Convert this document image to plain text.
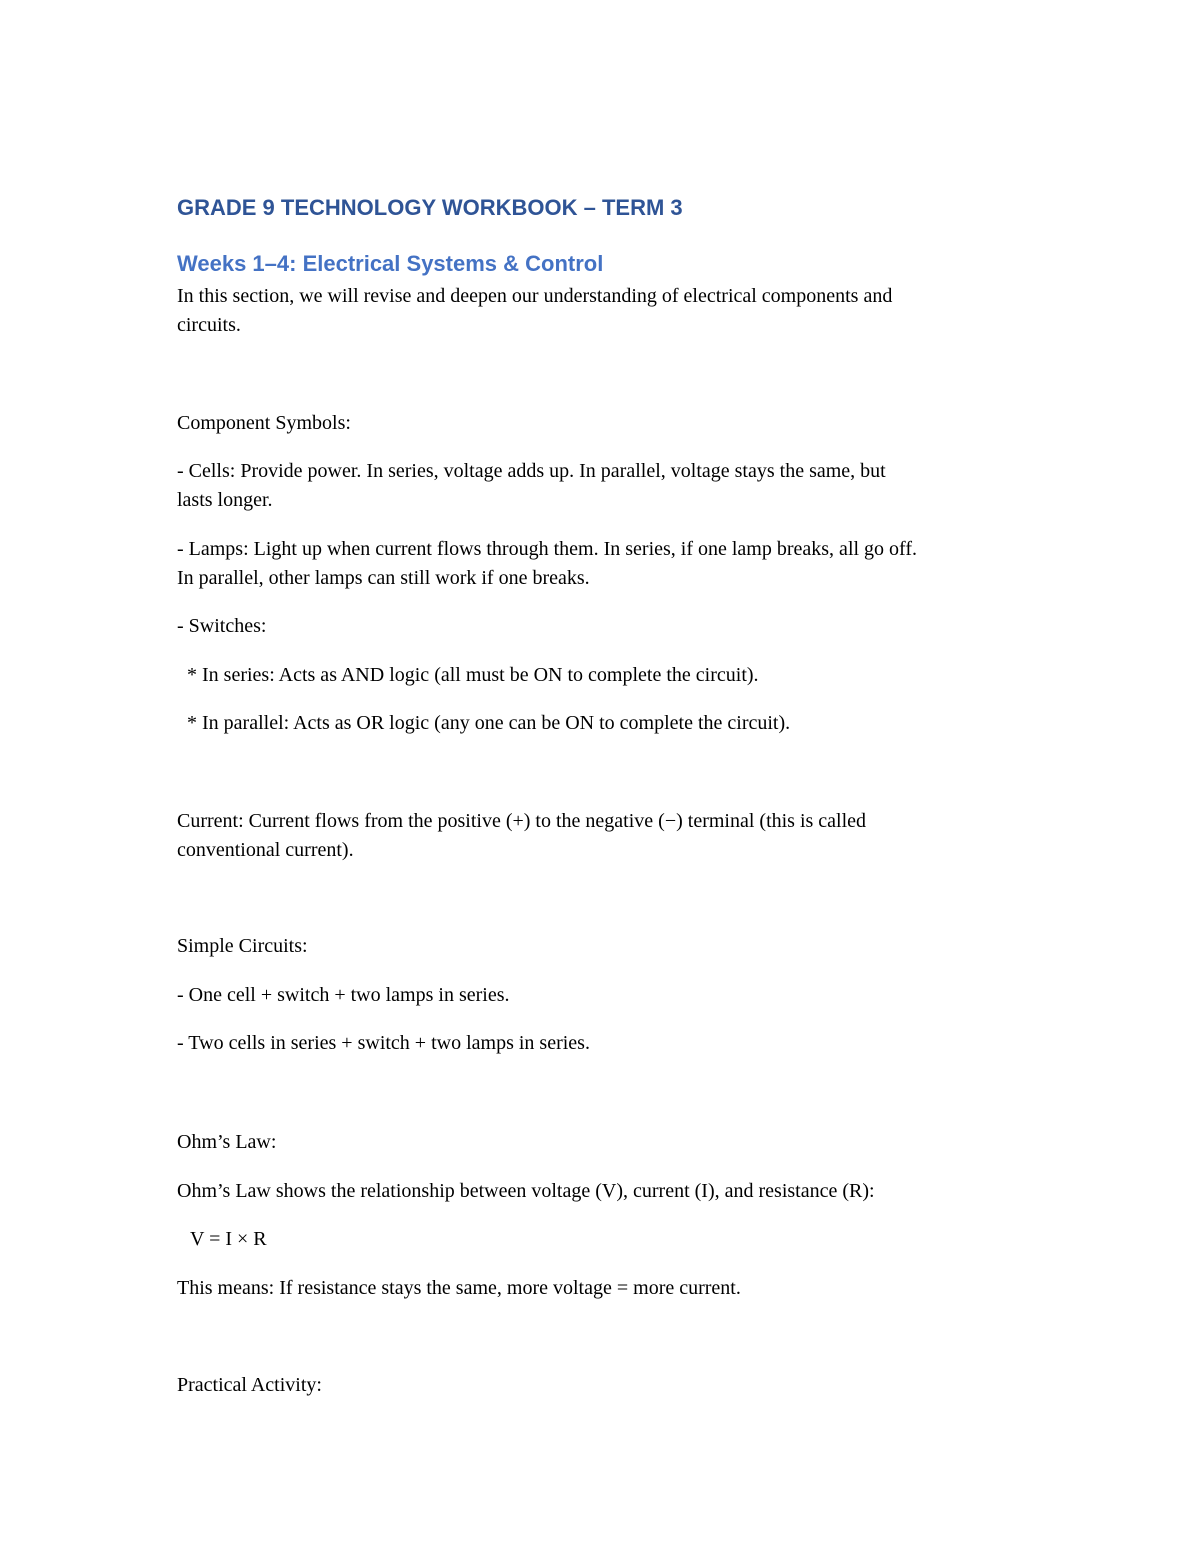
GRADE 9 TECHNOLOGY WORKBOOK – TERM 3
Weeks 1–4: Electrical Systems & Control
In this section, we will revise and deepen our understanding of electrical components and
circuits.
Component Symbols:
- Cells: Provide power. In series, voltage adds up. In parallel, voltage stays the same, but
lasts longer.
- Lamps: Light up when current flows through them. In series, if one lamp breaks, all go off.
In parallel, other lamps can still work if one breaks.
- Switches:
* In series: Acts as AND logic (all must be ON to complete the circuit).
* In parallel: Acts as OR logic (any one can be ON to complete the circuit).
Current: Current flows from the positive (+) to the negative (−) terminal (this is called
conventional current).
Simple Circuits:
- One cell + switch + two lamps in series.
- Two cells in series + switch + two lamps in series.
Ohm’s Law:
Ohm’s Law shows the relationship between voltage (V), current (I), and resistance (R):
V = I × R
This means: If resistance stays the same, more voltage = more current.
Practical Activity:
